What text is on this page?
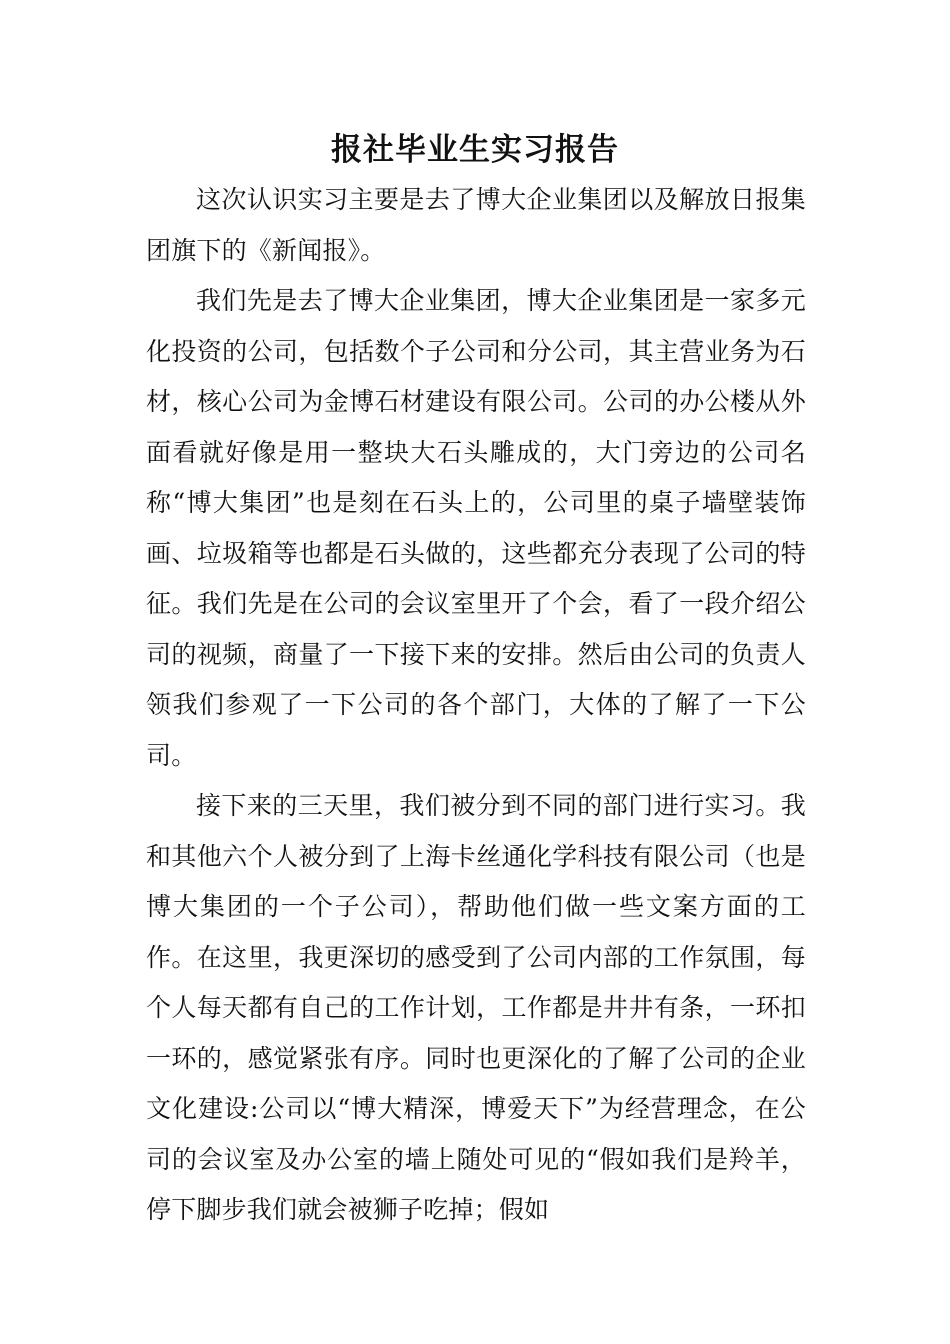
报社毕业生实习报告

这次认识实习主要是去了博大企业集团以及解放日报集团旗下的《新闻报》。

我们先是去了博大企业集团，博大企业集团是一家多元化投资的公司，包括数个子公司和分公司，其主营业务为石材，核心公司为金博石材建设有限公司。公司的办公楼从外面看就好像是用一整块大石头雕成的，大门旁边的公司名称“博大集团”也是刻在石头上的，公司里的桌子墙壁装饰画、垃圾箱等也都是石头做的，这些都充分表现了公司的特征。我们先是在公司的会议室里开了个会，看了一段介绍公司的视频，商量了一下接下来的安排。然后由公司的负责人领我们参观了一下公司的各个部门，大体的了解了一下公司。

接下来的三天里，我们被分到不同的部门进行实习。我和其他六个人被分到了上海卡丝通化学科技有限公司（也是博大集团的一个子公司），帮助他们做一些文案方面的工作。在这里，我更深切的感受到了公司内部的工作氛围，每个人每天都有自己的工作计划，工作都是井井有条，一环扣一环的，感觉紧张有序。同时也更深化的了解了公司的企业文化建设:公司以“博大精深，博爱天下”为经营理念，在公司的会议室及办公室的墙上随处可见的“假如我们是羚羊，停下脚步我们就会被狮子吃掉；假如
